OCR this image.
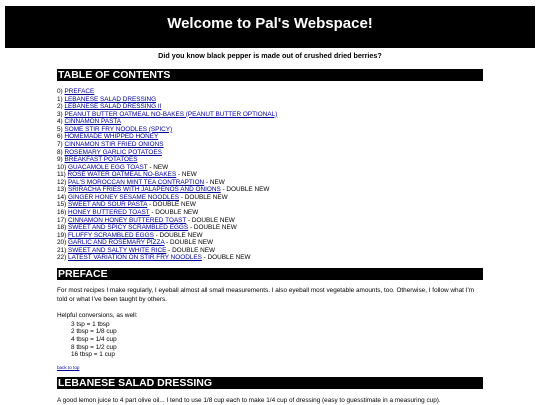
Welcome to Pal's Webspace!
Did you know black pepper is made out of crushed dried berries?
TABLE OF CONTENTS
0) PREFACE
1) LEBANESE SALAD DRESSING
2) LEBANESE SALAD DRESSING II
3) PEANUT BUTTER OATMEAL NO-BAKES (PEANUT BUTTER OPTIONAL)
4) CINNAMON PASTA
5) SOME STIR FRY NOODLES (SPICY)
6) HOMEMADE WHIPPED HONEY
7) CINNAMON STIR FRIED ONIONS
8) ROSEMARY GARLIC POTATOES
9) BREAKFAST POTATOES
10) GUACAMOLE EGG TOAST - NEW
11) ROSE WATER OATMEAL NO-BAKES - NEW
12) PAL'S MOROCCAN MINT TEA CONTRAPTION - NEW
13) SRIRACHA FRIES WITH JALAPENOS AND ONIONS - DOUBLE NEW
14) GINGER HONEY SESAME NOODLES - DOUBLE NEW
15) SWEET AND SOUR PASTA - DOUBLE NEW
16) HONEY BUTTERED TOAST - DOUBLE NEW
17) CINNAMON HONEY BUTTERED TOAST - DOUBLE NEW
18) SWEET AND SPICY SCRAMBLED EGGS - DOUBLE NEW
19) FLUFFY SCRAMBLED EGGS - DOUBLE NEW
20) GARLIC AND ROSEMARY PIZZA - DOUBLE NEW
21) SWEET AND SALTY WHITE RICE - DOUBLE NEW
22) LATEST VARIATION ON STIR FRY NOODLES - DOUBLE NEW
PREFACE
For most recipes I make regularly, I eyeball almost all small measurements. I also eyeball most vegetable amounts, too. Otherwise, I follow what I'm told or what I've been taught by others.
Helpful conversions, as well:
3 tsp = 1 tbsp
2 tbsp = 1/8 cup
4 tbsp = 1/4 cup
8 tbsp = 1/2 cup
16 tbsp = 1 cup
back to top
LEBANESE SALAD DRESSING
A good lemon juice to 4 part olive oil... I tend to use 1/8 cup each to make 1/4 cup of dressing (easy to guesstimate in a measuring cup).
